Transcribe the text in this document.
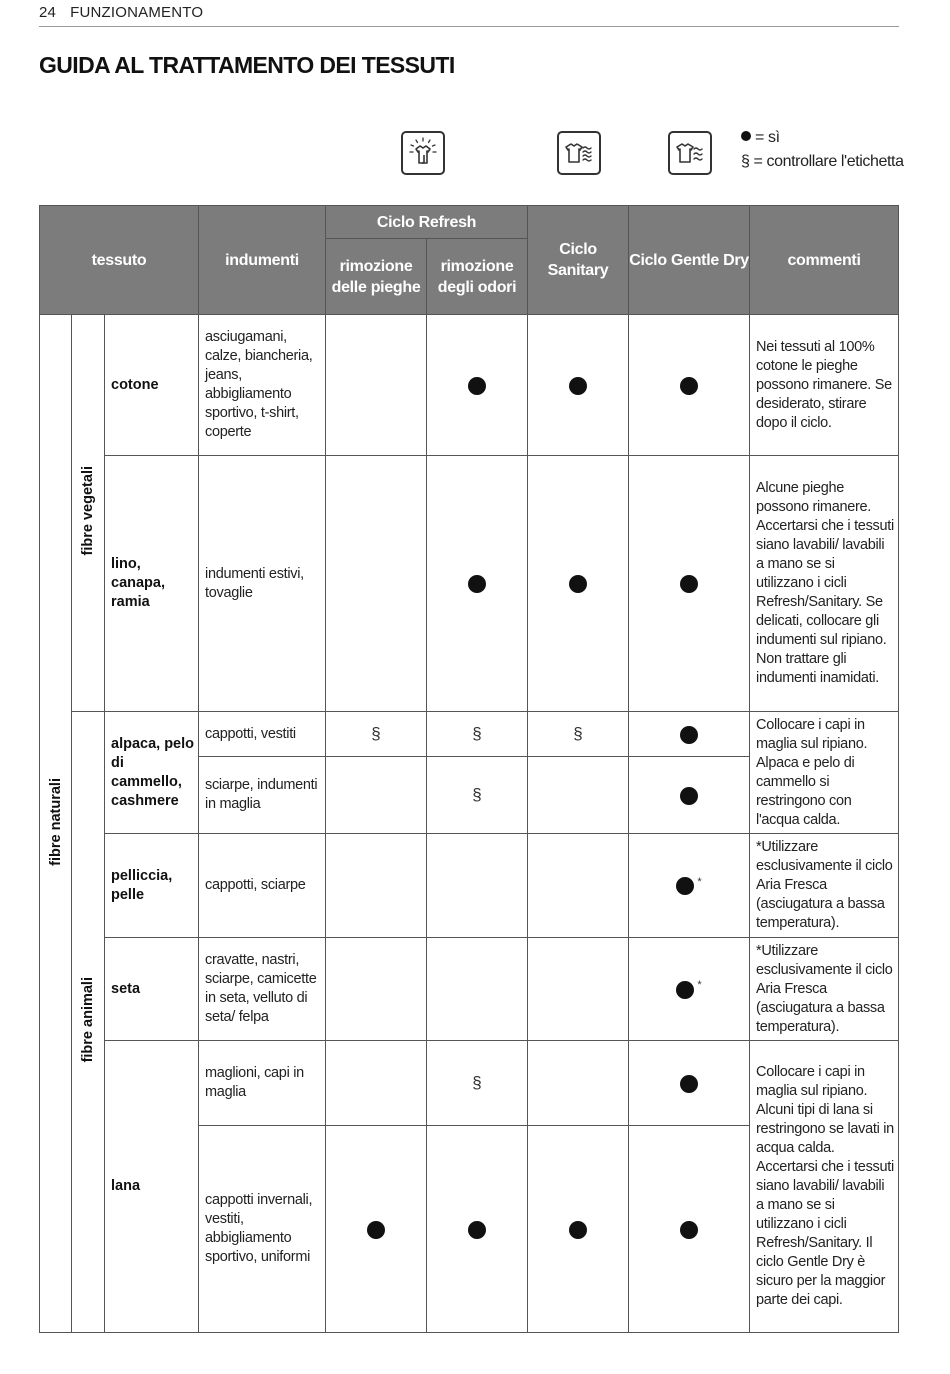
24 FUNZIONAMENTO
GUIDA AL TRATTAMENTO DEI TESSUTI
= sì
§ = controllare l'etichetta
tessuto			indumenti	Ciclo Refresh		Ciclo Sanitary	Ciclo Gentle Dry	commenti
				rimozione delle pieghe	rimozione degli odori			
fibre naturali	fibre vegetali	cotone	asciugamani, calze, biancheria, jeans, abbigliamento sportivo, t-shirt, coperte					Nei tessuti al 100% cotone le pieghe possono rimanere. Se desiderato, stirare dopo il ciclo.
		lino, canapa, ramia	indumenti estivi, tovaglie					Alcune pieghe possono rimanere. Accertarsi che i tessuti siano lavabili/ lavabili a mano se si utilizzano i cicli Refresh/Sanitary. Se delicati, collocare gli indumenti sul ripiano. Non trattare gli indumenti inamidati.
	fibre animali	alpaca, pelo di cammello, cashmere	cappotti, vestiti	§	§	§		Collocare i capi in maglia sul ripiano. Alpaca e pelo di cammello si restringono con l'acqua calda.
			sciarpe, indumenti in maglia		§			
		pelliccia, pelle	cappotti, sciarpe				*	*Utilizzare esclusivamente il ciclo Aria Fresca (asciugatura a bassa temperatura).
		seta	cravatte, nastri, sciarpe, camicette in seta, velluto di seta/ felpa				*	*Utilizzare esclusivamente il ciclo Aria Fresca (asciugatura a bassa temperatura).
		lana	maglioni, capi in maglia		§			Collocare i capi in maglia sul ripiano. Alcuni tipi di lana si restringono se lavati in acqua calda. Accertarsi che i tessuti siano lavabili/ lavabili a mano se si utilizzano i cicli Refresh/Sanitary. Il ciclo Gentle Dry è sicuro per la maggior parte dei capi.
			cappotti invernali, vestiti, abbigliamento sportivo, uniformi					
